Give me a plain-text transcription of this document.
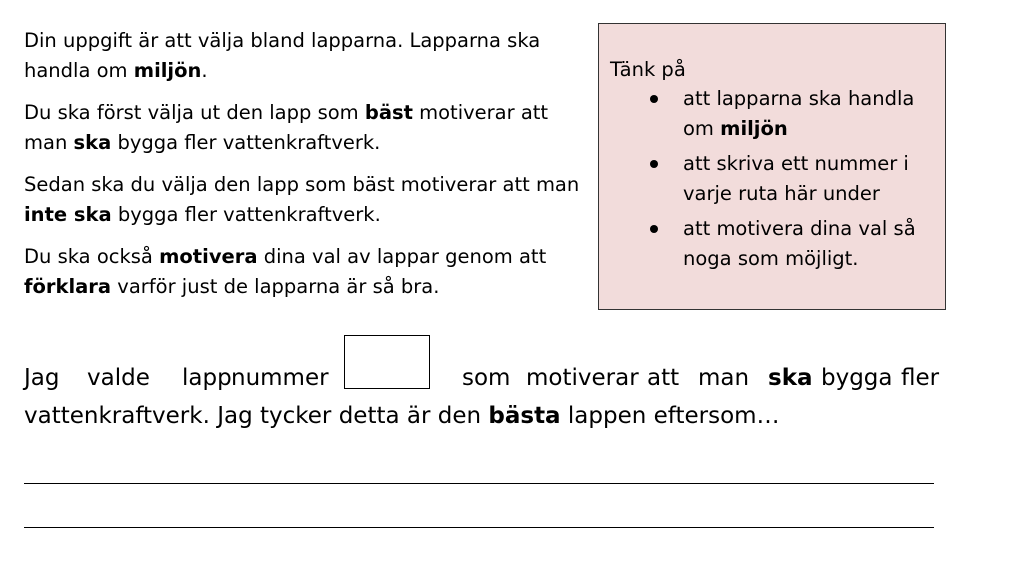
Din uppgift är att välja bland lapparna. Lapparna ska handla om miljön.

Du ska först välja ut den lapp som bäst motiverar att man ska bygga fler vattenkraftverk.

Sedan ska du välja den lapp som bäst motiverar att man inte ska bygga fler vattenkraftverk.

Du ska också motivera dina val av lappar genom att förklara varför just de lapparna är så bra.

Tänk på
att lapparna ska handla om miljön
att skriva ett nummer i varje ruta här under
att motivera dina val så noga som möjligt.
Jag valde lapp nummer	som motiverar att man ska bygga fler
vattenkraftverk. Jag tycker detta är den bästa lappen eftersom…
